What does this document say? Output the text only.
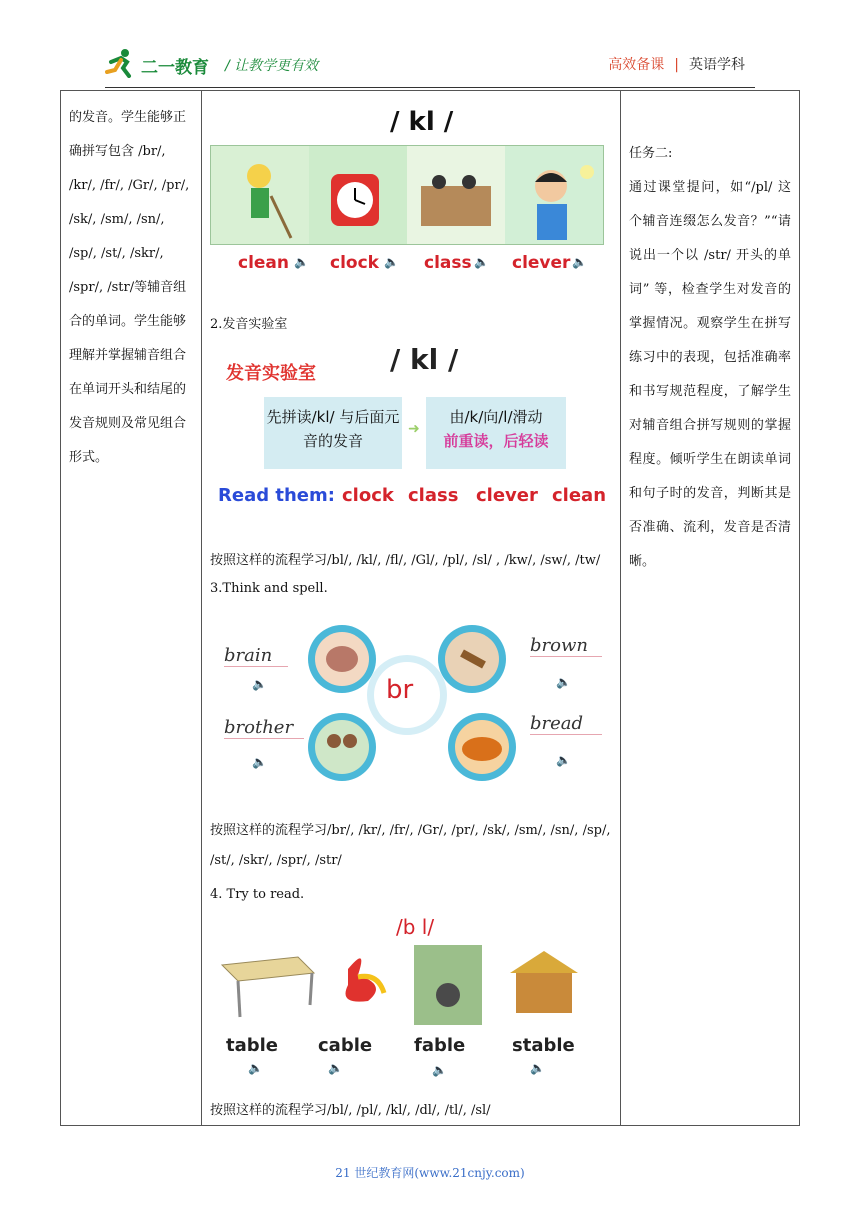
二一教育 / 让教学更有效	高效备课 | 英语学科
的发音。学生能够正确拼写包含 /br/, /kr/, /fr/, /Gr/, /pr/, /sk/, /sm/, /sn/, /sp/, /st/, /skr/, /spr/, /str/等辅音组合的单词。学生能够理解并掌握辅音组合在单词开头和结尾的发音规则及常见组合形式。

/ kl /
clean 🔈 clock 🔈 class 🔈 clever 🔈
2.发音实验室
发音实验室	/ kl /
先拼读/kl/ 与后面元音的发音
➜
由/k/向/l/滑动
前重读，后轻读
Read them: clock class clever clean
按照这样的流程学习/bl/, /kl/, /fl/, /Gl/, /pl/, /sl/ , /kw/, /sw/, /tw/
3.Think and spell.
br
brain
🔈
brown
🔈
brother
🔈
bread
🔈
按照这样的流程学习/br/, /kr/, /fr/, /Gr/, /pr/, /sk/, /sm/, /sn/, /sp/,
/st/, /skr/, /spr/, /str/
4. Try to read.
/b l/
table cable fable	stable
🔈	🔈	🔈	🔈
按照这样的流程学习/bl/, /pl/, /kl/, /dl/, /tl/, /sl/

任务二:
通过课堂提问，如“/pl/ 这个辅音连缀怎么发音？”“请说出一个以 /str/ 开头的单词” 等，检查学生对发音的掌握情况。观察学生在拼写练习中的表现，包括准确率和书写规范程度，了解学生对辅音组合拼写规则的掌握程度。倾听学生在朗读单词和句子时的发音，判断其是否准确、流利，发音是否清晰。
21 世纪教育网(www.21cnjy.com)
